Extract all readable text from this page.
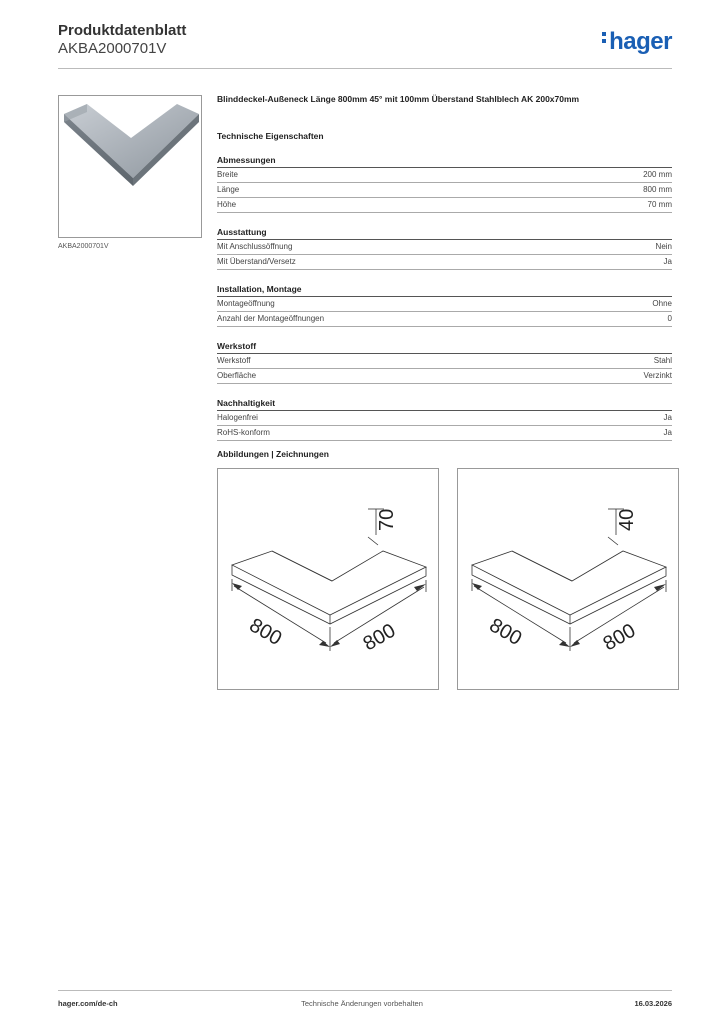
Produktdatenblatt
AKBA2000701V	hager
AKBA2000701V
Blinddeckel-Außeneck Länge 800mm 45° mit 100mm Überstand Stahlblech AK 200x70mm
Technische Eigenschaften
Abmessungen
Breite	200 mm
Länge	800 mm
Höhe	70 mm
Ausstattung
Mit Anschlussöffnung	Nein
Mit Überstand/Versetz	Ja
Installation, Montage
Montageöffnung	Ohne
Anzahl der Montageöffnungen	0
Werkstoff
Werkstoff	Stahl
Oberfläche	Verzinkt
Nachhaltigkeit
Halogenfrei	Ja
RoHS-konform	Ja
Abbildungen | Zeichnungen
70
800	800
40
800	800
hager.com/de-ch	Technische Änderungen vorbehalten	16.03.2026
